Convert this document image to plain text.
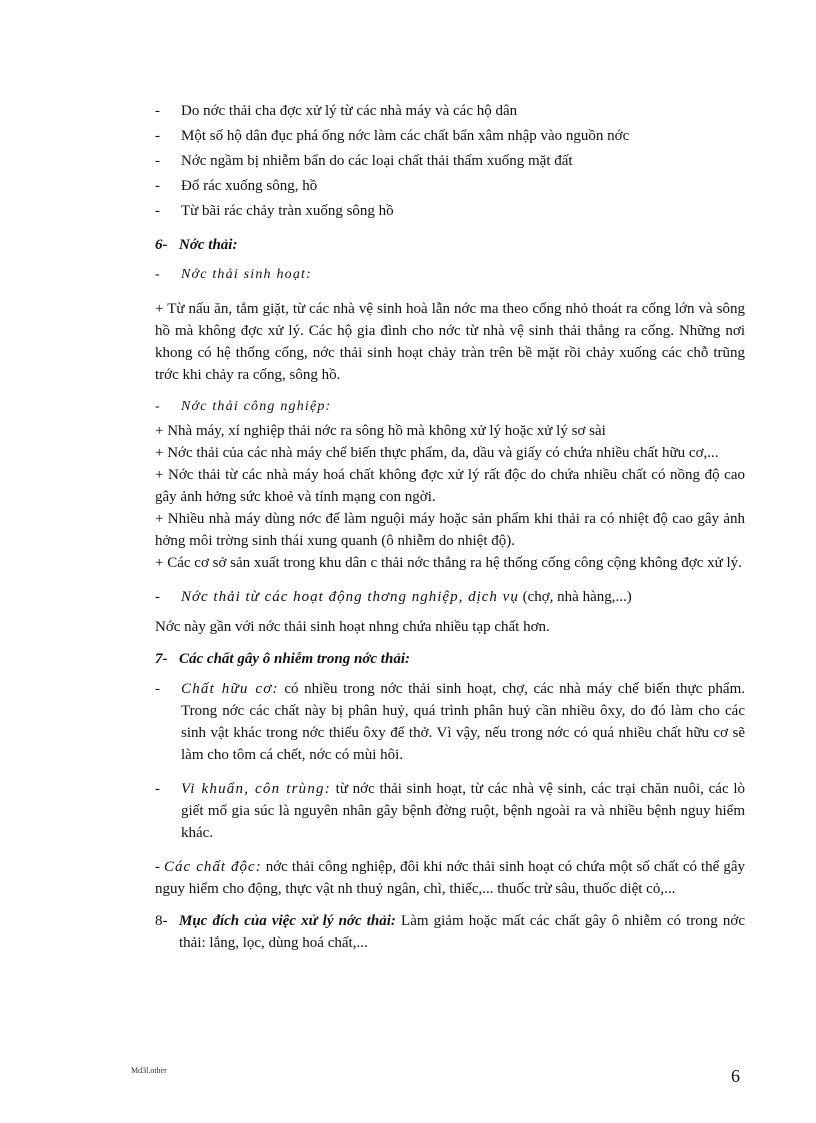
- Do nớc thải cha đợc xử lý từ các nhà máy và các hộ dân

- Một số hộ dân đục phá ống nớc làm các chất bẩn xâm nhập vào nguồn nớc

- Nớc ngầm bị nhiễm bẩn do các loại chất thải thấm xuống mặt đất

- Đổ rác xuống sông, hồ

- Từ bãi rác chảy tràn xuống sông hồ

6- Nớc thải:

- Nớc thải sinh hoạt:

+ Từ nấu ăn, tắm giặt, từ các nhà vệ sinh hoà lẫn nớc ma theo cống nhỏ thoát ra cống lớn và sông hồ mà không đợc xử lý. Các hộ gia đình cho nớc từ nhà vệ sinh thải thẳng ra cống. Những nơi khong có hệ thống cống, nớc thải sinh hoạt chảy tràn trên bề mặt rồi chảy xuống các chỗ trũng trớc khi chảy ra cống, sông hồ.

- Nớc thải công nghiệp:

+ Nhà máy, xí nghiệp thải nớc ra sông hồ mà không xử lý hoặc xử lý sơ sài

+ Nớc thải của các nhà máy chế biến thực phẩm, da, dầu và giấy có chứa nhiều chất hữu cơ,...

+ Nớc thải từ các nhà máy hoá chất không đợc xử lý rất độc do chứa nhiều chất có nồng độ cao gây ảnh hởng sức khoẻ và tính mạng con ngời.

+ Nhiều nhà máy dùng nớc để làm nguội máy hoặc sản phẩm khi thải ra có nhiệt độ cao gây ảnh hởng môi trờng sinh thái xung quanh (ô nhiễm do nhiệt độ).

+ Các cơ sở sản xuất trong khu dân c thải nớc thẳng ra hệ thống cống công cộng không đợc xử lý.

- Nớc thải từ các hoạt động thơng nghiệp, dịch vụ (chợ, nhà hàng,...)

Nớc này gần với nớc thải sinh hoạt nhng chứa nhiều tạp chất hơn.

7- Các chất gây ô nhiễm trong nớc thải:

- Chất hữu cơ: có nhiều trong nớc thải sinh hoạt, chợ, các nhà máy chế biến thực phẩm. Trong nớc các chất này bị phân huỷ, quá trình phân huỷ cần nhiều ôxy, do đó làm cho các sinh vật khác trong nớc thiếu ôxy để thở. Vì vậy, nếu trong nớc có quá nhiều chất hữu cơ sẽ làm cho tôm cá chết, nớc có mùi hôi.
- Vi khuẩn, côn trùng: từ nớc thải sinh hoạt, từ các nhà vệ sinh, các trại chăn nuôi, các lò giết mổ gia súc là nguyên nhân gây bệnh đờng ruột, bệnh ngoài ra và nhiều bệnh nguy hiểm khác.

- Các chất độc: nớc thải công nghiệp, đôi khi nớc thải sinh hoạt có chứa một số chất có thể gây nguy hiểm cho động, thực vật nh thuỷ ngân, chì, thiếc,... thuốc trừ sâu, thuốc diệt cỏ,...

8- Mục đích của việc xử lý nớc thải: Làm giảm hoặc mất các chất gây ô nhiễm có trong nớc thải: lắng, lọc, dùng hoá chất,...
Md3l.other	6
